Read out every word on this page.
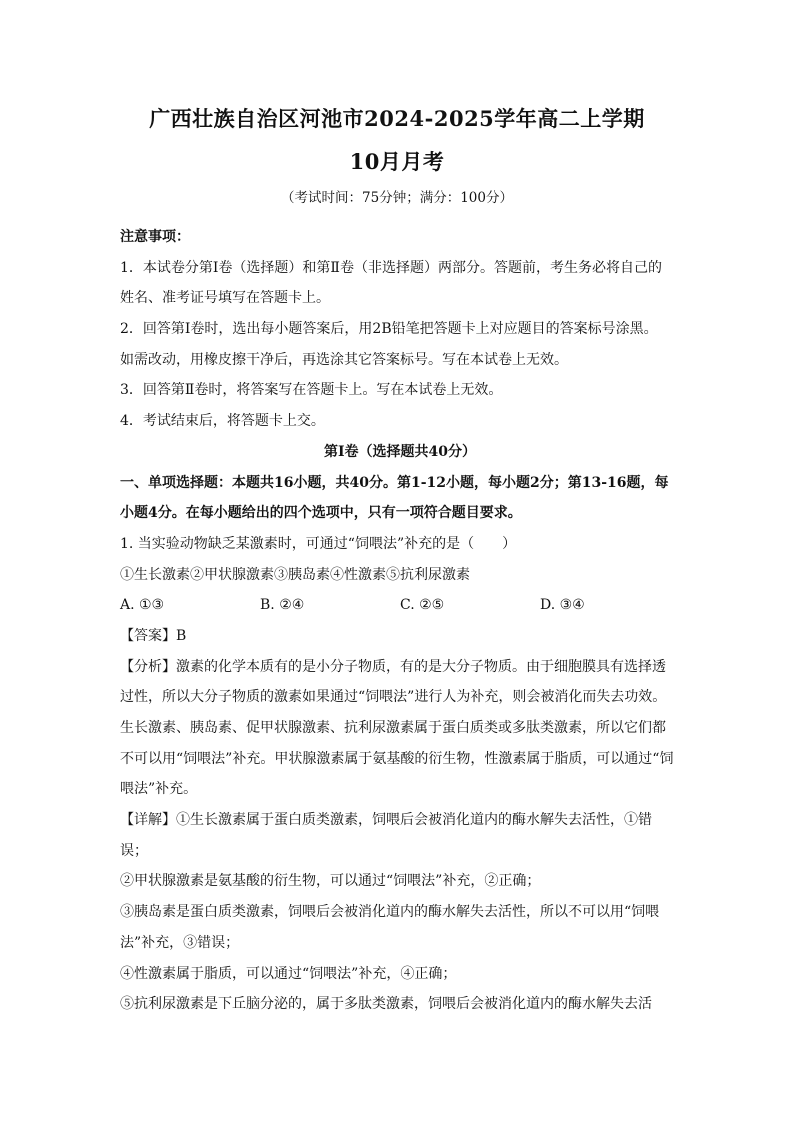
广西壮族自治区河池市2024-2025学年高二上学期
10月月考
（考试时间：75分钟；满分：100分）
注意事项：
1．本试卷分第Ⅰ卷（选择题）和第Ⅱ卷（非选择题）两部分。答题前，考生务必将自己的
姓名、准考证号填写在答题卡上。
2．回答第Ⅰ卷时，选出每小题答案后，用2B铅笔把答题卡上对应题目的答案标号涂黑。
如需改动，用橡皮擦干净后，再选涂其它答案标号。写在本试卷上无效。
3．回答第Ⅱ卷时，将答案写在答题卡上。写在本试卷上无效。
4．考试结束后，将答题卡上交。
第Ⅰ卷（选择题共40分）
一、单项选择题：本题共16小题，共40分。第1-12小题，每小题2分；第13-16题，每
小题4分。在每小题给出的四个选项中，只有一项符合题目要求。
1. 当实验动物缺乏某激素时，可通过“饲喂法”补充的是（　　）
①生长激素②甲状腺激素③胰岛素④性激素⑤抗利尿激素
A. ①③	B. ②④	C. ②⑤	D. ③④
【答案】B
【分析】激素的化学本质有的是小分子物质，有的是大分子物质。由于细胞膜具有选择透
过性，所以大分子物质的激素如果通过“饲喂法”进行人为补充，则会被消化而失去功效。
生长激素、胰岛素、促甲状腺激素、抗利尿激素属于蛋白质类或多肽类激素，所以它们都
不可以用“饲喂法”补充。甲状腺激素属于氨基酸的衍生物，性激素属于脂质，可以通过“饲
喂法”补充。
【详解】①生长激素属于蛋白质类激素，饲喂后会被消化道内的酶水解失去活性，①错
误；
②甲状腺激素是氨基酸的衍生物，可以通过“饲喂法”补充，②正确；
③胰岛素是蛋白质类激素，饲喂后会被消化道内的酶水解失去活性，所以不可以用“饲喂
法”补充，③错误；
④性激素属于脂质，可以通过“饲喂法”补充，④正确；
⑤抗利尿激素是下丘脑分泌的，属于多肽类激素，饲喂后会被消化道内的酶水解失去活
